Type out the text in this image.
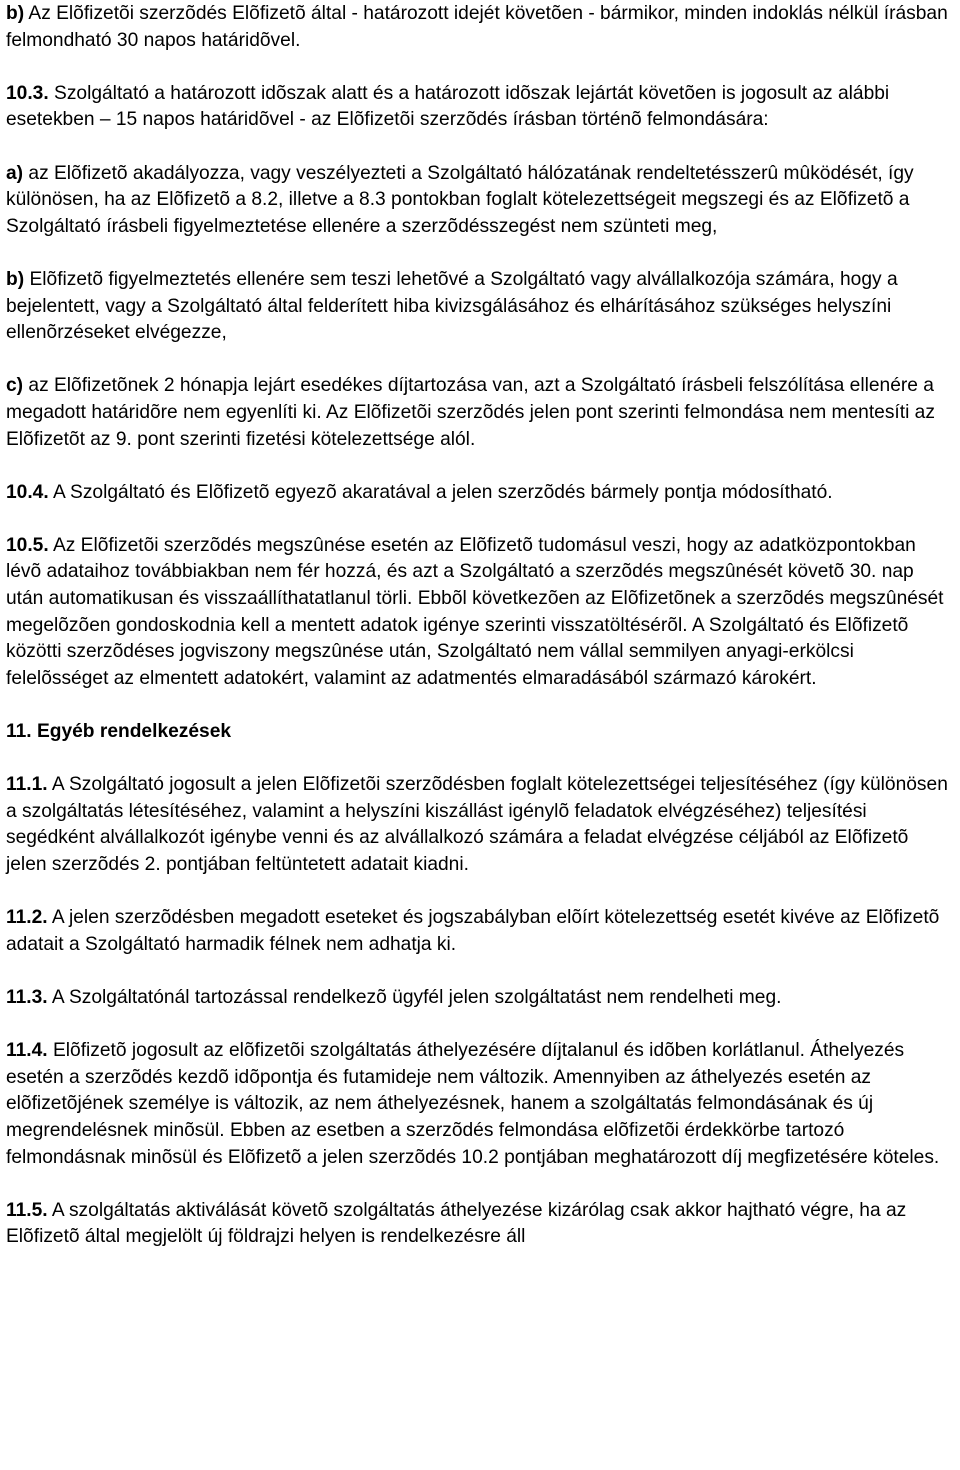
b) Az Elõfizetõi szerzõdés Elõfizetõ által - határozott idejét követõen - bármikor, minden indoklás nélkül írásban felmondható 30 napos határidõvel.

10.3. Szolgáltató a határozott idõszak alatt és a határozott idõszak lejártát követõen is jogosult az alábbi esetekben – 15 napos határidõvel - az Elõfizetõi szerzõdés írásban történõ felmondására:

a) az Elõfizetõ akadályozza, vagy veszélyezteti a Szolgáltató hálózatának rendeltetésszerû mûködését, így különösen, ha az Elõfizetõ a 8.2, illetve a 8.3 pontokban foglalt kötelezettségeit megszegi és az Elõfizetõ a Szolgáltató írásbeli figyelmeztetése ellenére a szerzõdésszegést nem szünteti meg,

b) Elõfizetõ figyelmeztetés ellenére sem teszi lehetõvé a Szolgáltató vagy alvállalkozója számára, hogy a bejelentett, vagy a Szolgáltató által felderített hiba kivizsgálásához és elhárításához szükséges helyszíni ellenõrzéseket elvégezze,

c) az Elõfizetõnek 2 hónapja lejárt esedékes díjtartozása van, azt a Szolgáltató írásbeli felszólítása ellenére a megadott határidõre nem egyenlíti ki. Az Elõfizetõi szerzõdés jelen pont szerinti felmondása nem mentesíti az Elõfizetõt az 9. pont szerinti fizetési kötelezettsége alól.

10.4. A Szolgáltató és Elõfizetõ egyezõ akaratával a jelen szerzõdés bármely pontja módosítható.

10.5. Az Elõfizetõi szerzõdés megszûnése esetén az Elõfizetõ tudomásul veszi, hogy az adatközpontokban lévõ adataihoz továbbiakban nem fér hozzá, és azt a Szolgáltató a szerzõdés megszûnését követõ 30. nap után automatikusan és visszaállíthatatlanul törli. Ebbõl következõen az Elõfizetõnek a szerzõdés megszûnését megelõzõen gondoskodnia kell a mentett adatok igénye szerinti visszatöltésérõl. A Szolgáltató és Elõfizetõ közötti szerzõdéses jogviszony megszûnése után, Szolgáltató nem vállal semmilyen anyagi-erkölcsi felelõsséget az elmentett adatokért, valamint az adatmentés elmaradásából származó károkért.

11. Egyéb rendelkezések

11.1. A Szolgáltató jogosult a jelen Elõfizetõi szerzõdésben foglalt kötelezettségei teljesítéséhez (így különösen a szolgáltatás létesítéséhez, valamint a helyszíni kiszállást igénylõ feladatok elvégzéséhez) teljesítési segédként alvállalkozót igénybe venni és az alvállalkozó számára a feladat elvégzése céljából az Elõfizetõ jelen szerzõdés 2. pontjában feltüntetett adatait kiadni.

11.2. A jelen szerzõdésben megadott eseteket és jogszabályban elõírt kötelezettség esetét kivéve az Elõfizetõ adatait a Szolgáltató harmadik félnek nem adhatja ki.

11.3. A Szolgáltatónál tartozással rendelkezõ ügyfél jelen szolgáltatást nem rendelheti meg.

11.4. Elõfizetõ jogosult az elõfizetõi szolgáltatás áthelyezésére díjtalanul és idõben korlátlanul. Áthelyezés esetén a szerzõdés kezdõ idõpontja és futamideje nem változik. Amennyiben az áthelyezés esetén az elõfizetõjének személye is változik, az nem áthelyezésnek, hanem a szolgáltatás felmondásának és új megrendelésnek minõsül. Ebben az esetben a szerzõdés felmondása elõfizetõi érdekkörbe tartozó felmondásnak minõsül és Elõfizetõ a jelen szerzõdés 10.2 pontjában meghatározott díj megfizetésére köteles.

11.5. A szolgáltatás aktiválását követõ szolgáltatás áthelyezése kizárólag csak akkor hajtható végre, ha az Elõfizetõ által megjelölt új földrajzi helyen is rendelkezésre áll
